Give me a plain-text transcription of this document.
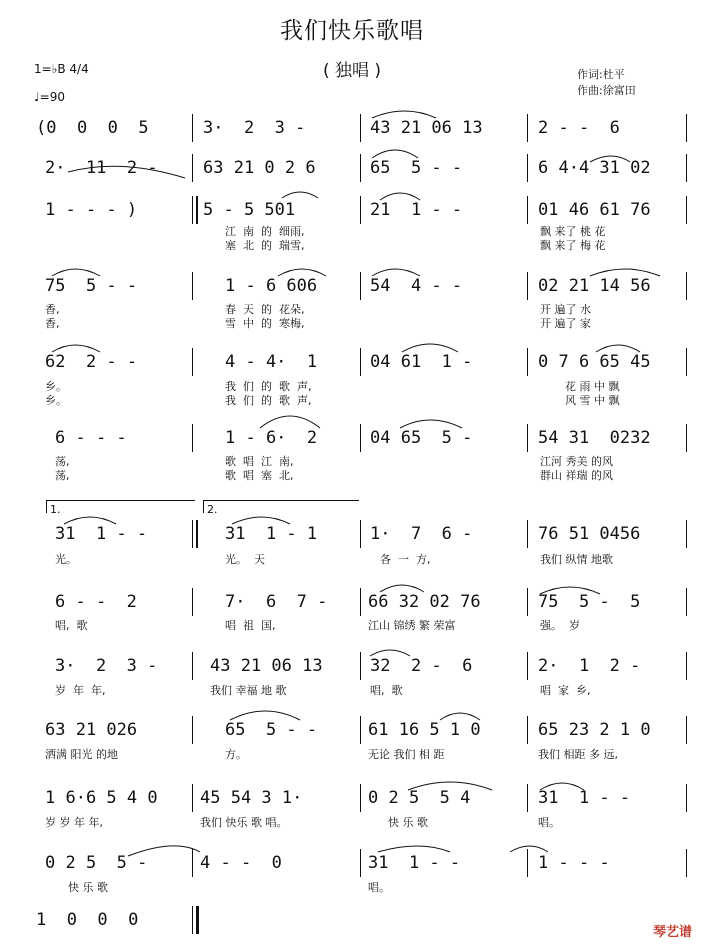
我们快乐歌唱
( 独唱 )	作词:杜平
作曲:徐富田
1=♭B 4/4
♩=90
(0  0  0  5	3·  2  3 -	43 21 06 13	2 - -  6
2·  11  2 -	63 21 0 2 6	65  5 - -	6 4·4 31 02
1 - - - )	5 - 5 501	21  1 - -	01 46 61 76
江  南  的  细雨,	飘 来了 桃 花
塞  北  的  瑞雪,	飘 来了 梅 花
75  5 - -	1 - 6 606	54  4 - -	02 21 14 56
香,	春  天  的  花朵,	开 遍了 水
香,	雪  中  的  寒梅,	开 遍了 家
62  2 - -	4 - 4·  1	04 61  1 -	0 7 6 65 45
乡。	我  们  的  歌  声,	花 雨 中 飘
乡。	我  们  的  歌  声,	风 雪 中 飘
6 - - -	1 - 6·  2	04 65  5 -	54 31  0232
荡,	歌  唱  江  南,	江河 秀美 的风
荡,	歌  唱  塞  北,	群山 祥瑞 的风
1.	2.
31  1 - -	31  1 - 1	1·  7  6 -	76 51 0456
光。	光。  天	各  一  方,	我们 纵情 地歌
6 - -  2	7·  6  7 - 66 32 02 76	75  5 -  5
唱,  歌	唱  祖  国,	江山 锦绣 繁 荣富	强。  岁
3·  2  3 -	43 21 06 13	32  2 -  6	2·  1  2 -
岁  年  年,	我们 幸福 地 歌	唱,  歌	唱  家  乡,
63 21 026	65  5 - -	61 16 5 1 0	65 23 2 1 0
洒满 阳光 的地	方。	无论 我们 相 距	我们 相距 多 远,
1 6·6 5 4 0 45 54 3 1·	0 2 5  5 4	31  1 - -
岁 岁 年 年,	我们 快乐 歌 唱。	快 乐 歌	唱。
0 2 5  5 -	4 - -  0	31  1 - -	1 - - -
快 乐 歌	唱。
1  0  0  0
琴艺谱
